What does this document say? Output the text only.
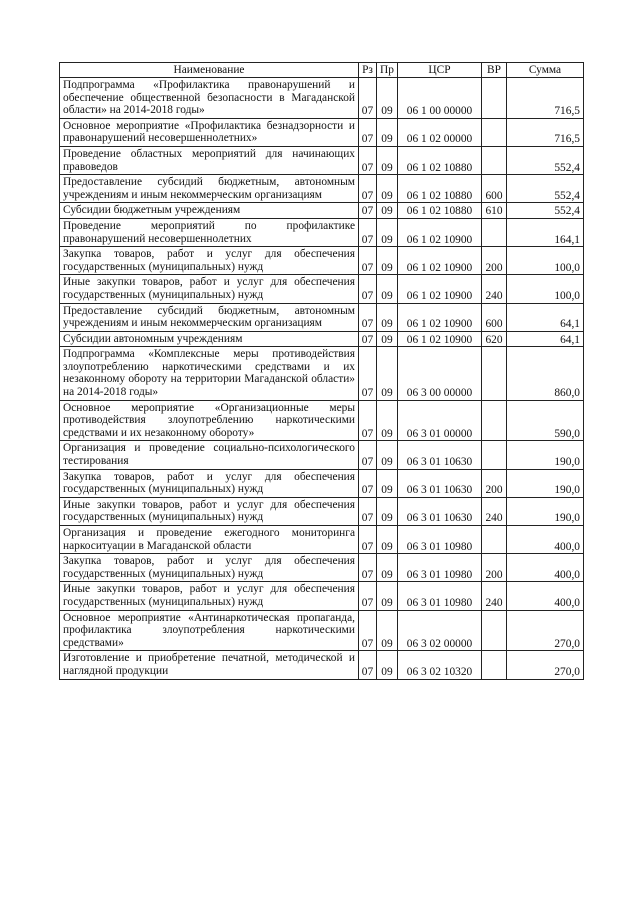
Наименование	Рз	Пр	ЦСР	ВР	Сумма
Подпрограмма «Профилактика правонарушений и обеспечение общественной безопасности в Магаданской области» на 2014-2018 годы»	07	09	06 1 00 00000		716,5
Основное мероприятие «Профилактика безнадзорности и правонарушений несовершеннолетних»	07	09	06 1 02 00000		716,5
Проведение областных мероприятий для начинающих правоведов	07	09	06 1 02 10880		552,4
Предоставление субсидий бюджетным, автономным учреждениям и иным некоммерческим организациям	07	09	06 1 02 10880	600	552,4
Субсидии бюджетным учреждениям	07	09	06 1 02 10880	610	552,4
Проведение мероприятий по профилактике правонарушений несовершеннолетних	07	09	06 1 02 10900		164,1
Закупка товаров, работ и услуг для обеспечения государственных (муниципальных) нужд	07	09	06 1 02 10900	200	100,0
Иные закупки товаров, работ и услуг для обеспечения государственных (муниципальных) нужд	07	09	06 1 02 10900	240	100,0
Предоставление субсидий бюджетным, автономным учреждениям и иным некоммерческим организациям	07	09	06 1 02 10900	600	64,1
Субсидии автономным учреждениям	07	09	06 1 02 10900	620	64,1
Подпрограмма «Комплексные меры противодействия злоупотреблению наркотическими средствами и их незаконному обороту на территории Магаданской области» на 2014-2018 годы»	07	09	06 3 00 00000		860,0
Основное мероприятие «Организационные меры противодействия злоупотреблению наркотическими средствами и их незаконному обороту»	07	09	06 3 01 00000		590,0
Организация и проведение социально-психологического тестирования	07	09	06 3 01 10630		190,0
Закупка товаров, работ и услуг для обеспечения государственных (муниципальных) нужд	07	09	06 3 01 10630	200	190,0
Иные закупки товаров, работ и услуг для обеспечения государственных (муниципальных) нужд	07	09	06 3 01 10630	240	190,0
Организация и проведение ежегодного мониторинга наркоситуации в Магаданской области	07	09	06 3 01 10980		400,0
Закупка товаров, работ и услуг для обеспечения государственных (муниципальных) нужд	07	09	06 3 01 10980	200	400,0
Иные закупки товаров, работ и услуг для обеспечения государственных (муниципальных) нужд	07	09	06 3 01 10980	240	400,0
Основное мероприятие «Антинаркотическая пропаганда, профилактика злоупотребления наркотическими средствами»	07	09	06 3 02 00000		270,0
Изготовление и приобретение печатной, методической и наглядной продукции	07	09	06 3 02 10320		270,0
